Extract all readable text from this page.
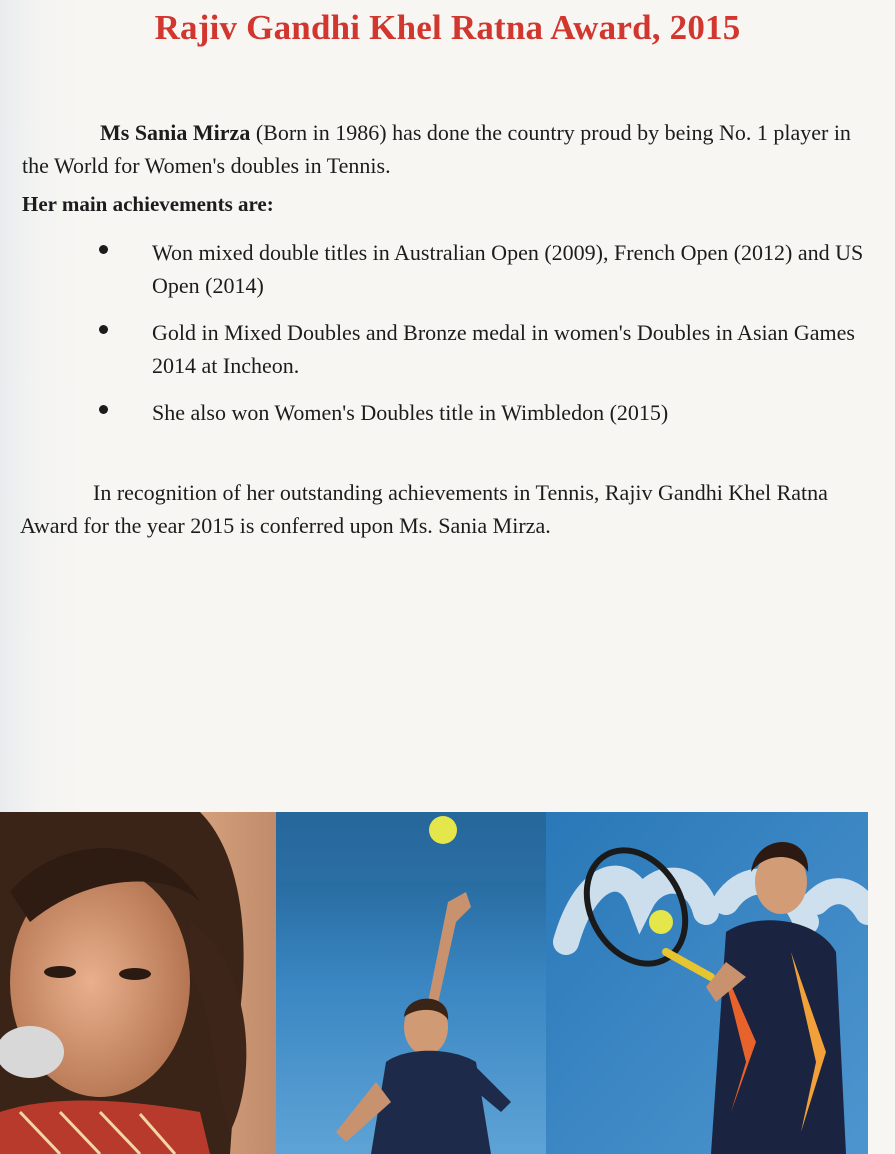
Rajiv Gandhi Khel Ratna Award, 2015

Ms Sania Mirza (Born in 1986) has done the country proud by being No. 1 player in the World for Women's doubles in Tennis.

Her main achievements are:
Won mixed double titles in Australian Open (2009), French Open (2012) and US Open (2014)
Gold in Mixed Doubles and Bronze medal in women's Doubles in Asian Games 2014 at Incheon.
She also won Women's Doubles title in Wimbledon (2015)

In recognition of her outstanding achievements in Tennis, Rajiv Gandhi Khel Ratna Award for the year 2015 is conferred upon Ms. Sania Mirza.
